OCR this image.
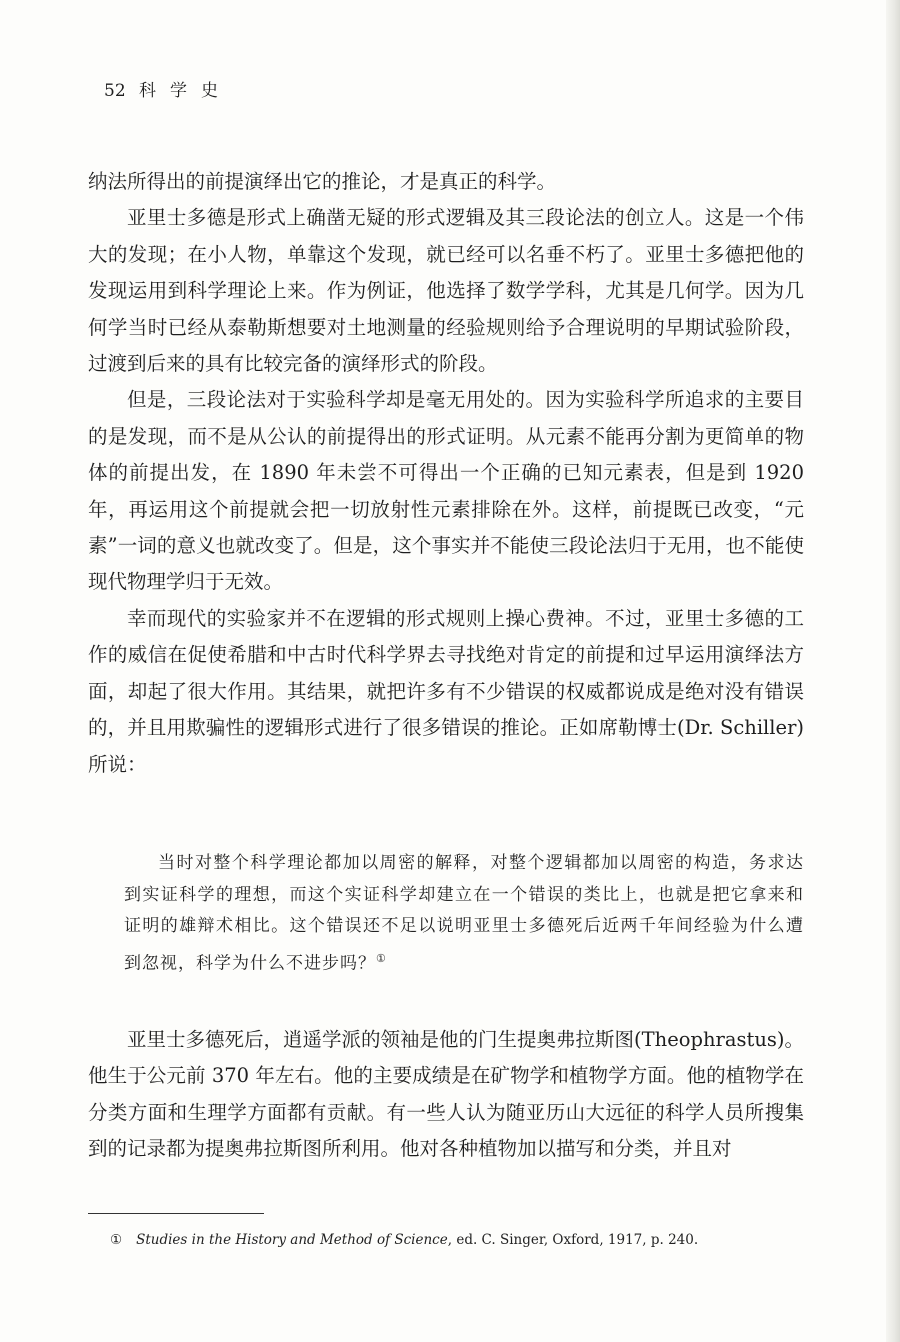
52 科学史

纳法所得出的前提演绎出它的推论，才是真正的科学。

亚里士多德是形式上确凿无疑的形式逻辑及其三段论法的创立人。这是一个伟大的发现；在小人物，单靠这个发现，就已经可以名垂不朽了。亚里士多德把他的发现运用到科学理论上来。作为例证，他选择了数学学科，尤其是几何学。因为几何学当时已经从泰勒斯想要对土地测量的经验规则给予合理说明的早期试验阶段，过渡到后来的具有比较完备的演绎形式的阶段。

但是，三段论法对于实验科学却是毫无用处的。因为实验科学所追求的主要目的是发现，而不是从公认的前提得出的形式证明。从元素不能再分割为更简单的物体的前提出发，在 1890 年未尝不可得出一个正确的已知元素表，但是到 1920 年，再运用这个前提就会把一切放射性元素排除在外。这样，前提既已改变，“元素”一词的意义也就改变了。但是，这个事实并不能使三段论法归于无用，也不能使现代物理学归于无效。

幸而现代的实验家并不在逻辑的形式规则上操心费神。不过，亚里士多德的工作的威信在促使希腊和中古时代科学界去寻找绝对肯定的前提和过早运用演绎法方面，却起了很大作用。其结果，就把许多有不少错误的权威都说成是绝对没有错误的，并且用欺骗性的逻辑形式进行了很多错误的推论。正如席勒博士(Dr. Schiller)所说：

当时对整个科学理论都加以周密的解释，对整个逻辑都加以周密的构造，务求达到实证科学的理想，而这个实证科学却建立在一个错误的类比上，也就是把它拿来和证明的雄辩术相比。这个错误还不足以说明亚里士多德死后近两千年间经验为什么遭到忽视，科学为什么不进步吗？①

亚里士多德死后，逍遥学派的领袖是他的门生提奥弗拉斯图(Theophrastus)。他生于公元前 370 年左右。他的主要成绩是在矿物学和植物学方面。他的植物学在分类方面和生理学方面都有贡献。有一些人认为随亚历山大远征的科学人员所搜集到的记录都为提奥弗拉斯图所利用。他对各种植物加以描写和分类，并且对

① Studies in the History and Method of Science, ed. C. Singer, Oxford, 1917, p. 240.
